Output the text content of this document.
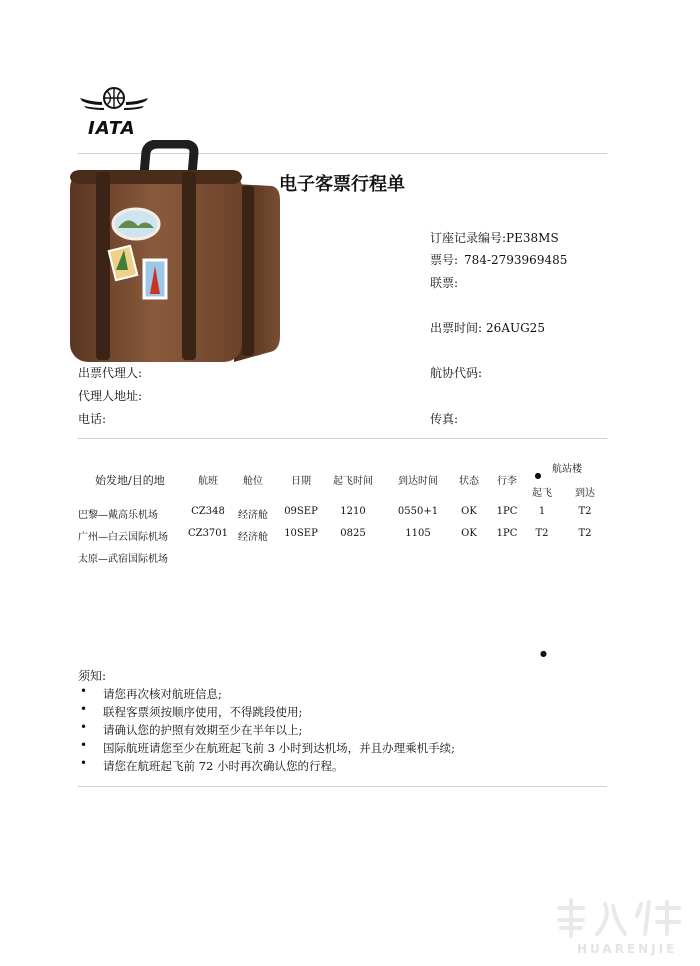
IATA
电子客票行程单
订座记录编号:PE38MS
票号: 784-2793969485
联票:
出票时间: 26AUG25
出票代理人:	航协代码:
代理人地址:
电话:	传真:
始发地/目的地	航班	舱位	日期 起飞时间	到达时间 状态 行李
航站楼
●
起飞 到达
巴黎—戴高乐机场	CZ348 经济舱 09SEP 1210	0550+1 OK 1PC 1	T2
广州—白云国际机场 CZ3701 经济舱 10SEP 0825	1105	OK 1PC T2	T2
太原—武宿国际机场
●
须知:
• 请您再次核对航班信息;
• 联程客票须按顺序使用，不得跳段使用;
• 请确认您的护照有效期至少在半年以上;
• 国际航班请您至少在航班起飞前 3 小时到达机场，并且办理乘机手续;
• 请您在航班起飞前 72 小时再次确认您的行程。
HUARENJIE
